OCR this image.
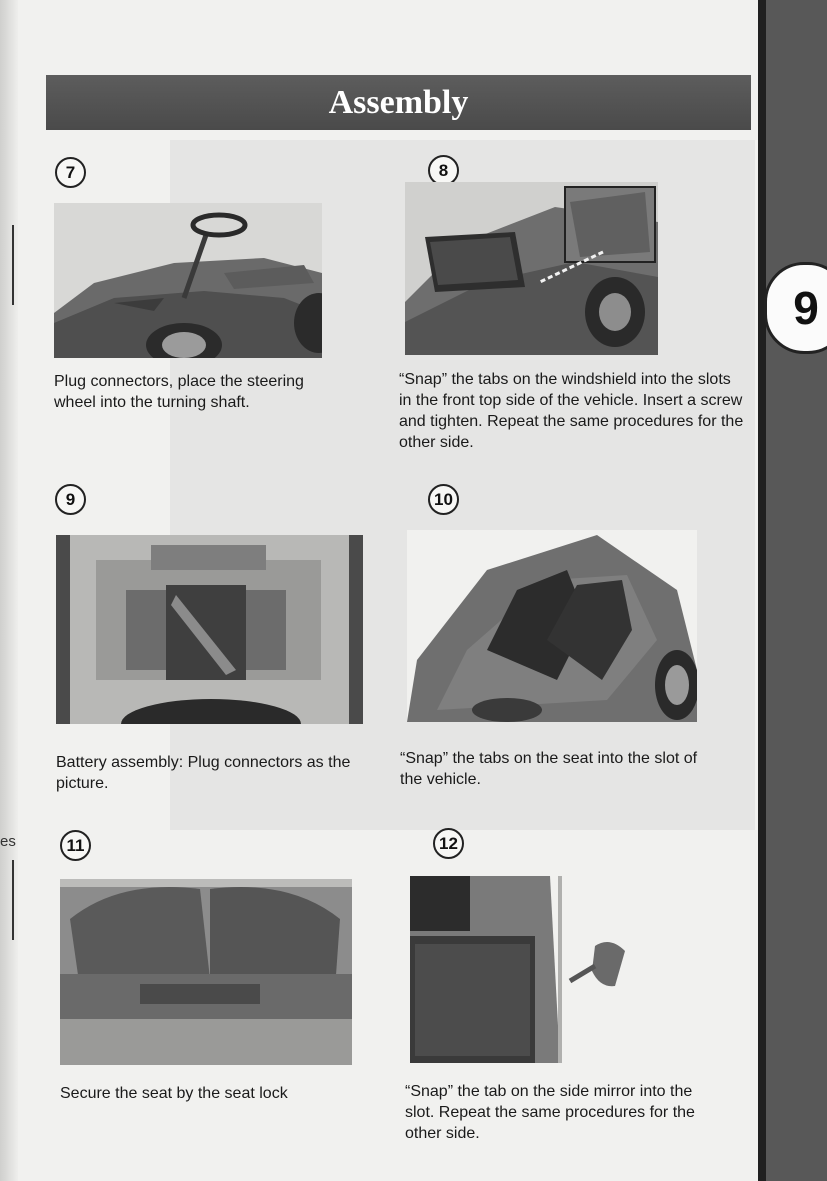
es
9
Assembly
7

Plug connectors, place the steering wheel into the turning shaft.

8

“Snap” the tabs on the windshield into the slots in the front top side of the vehicle. Insert a screw and tighten. Repeat the same procedures for the other side.

9

Battery assembly: Plug connectors as the picture.

10

“Snap” the tabs on the seat into the slot of the vehicle.

11

Secure the seat by the seat lock

12

“Snap” the tab on the side mirror into the slot. Repeat the same procedures for the other side.
